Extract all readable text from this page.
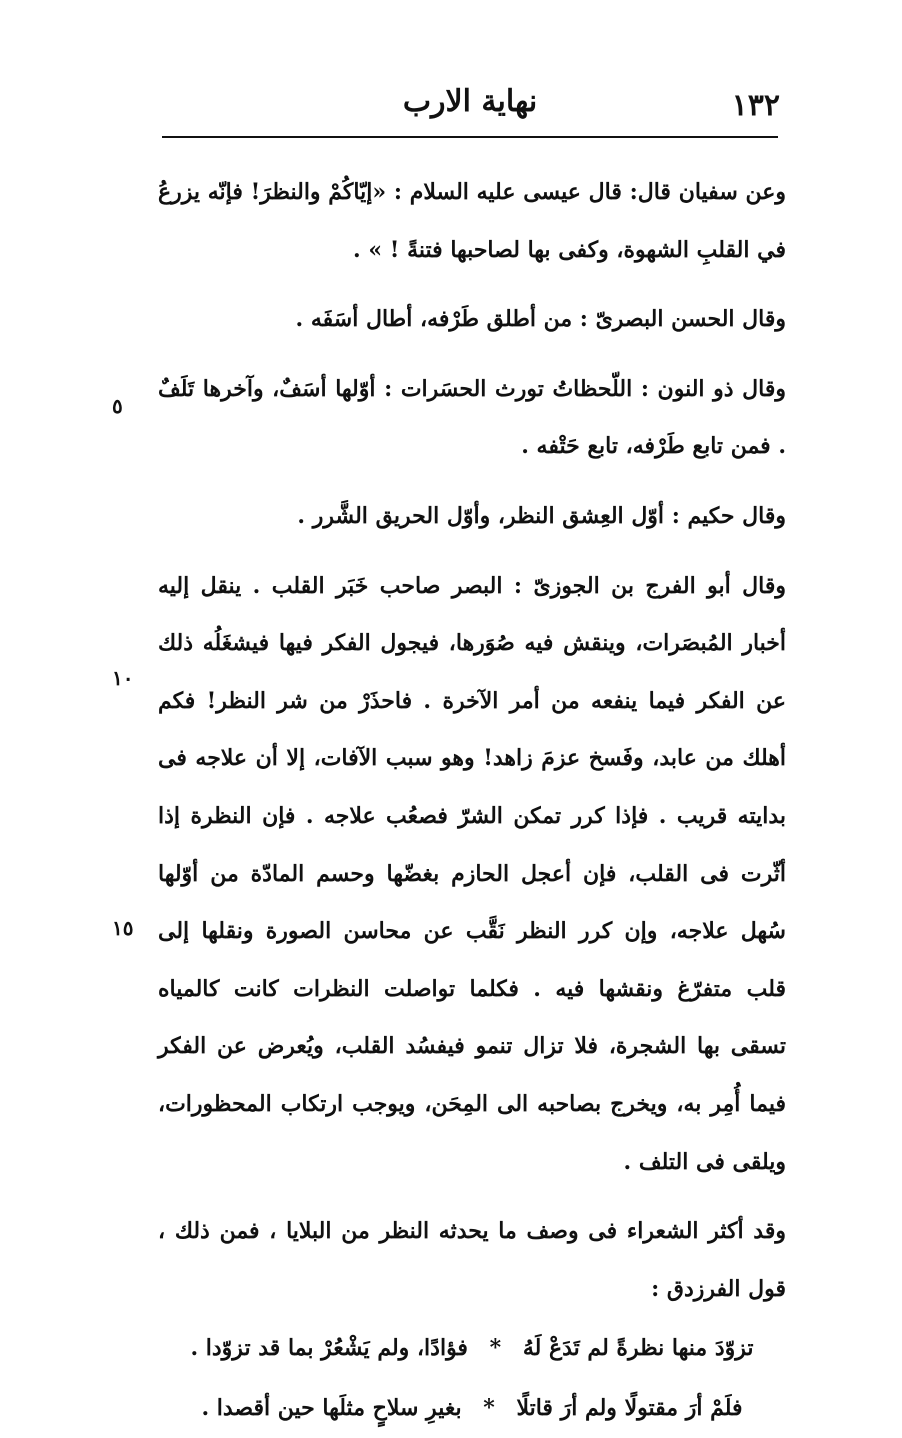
١٣٢
نهاية الارب

وعن سفيان قال: قال عيسى عليه السلام : «إيّاكُمْ والنظرَ! فإنّه يزرعُ في القلبِ الشهوة، وكفى بها لصاحبها فتنةً ! » .

وقال الحسن البصرىّ : من أطلق طَرْفه، أطال أسَفَه .

وقال ذو النون : اللّحظاتُ تورث الحسَرات : أوّلها أسَفٌ، وآخرها تَلَفٌ . فمن تابع طَرْفه، تابع حَتْفه .

وقال حكيم : أوّل العِشق النظر، وأوّل الحريق الشَّرر .

وقال أبو الفرج بن الجوزىّ : البصر صاحب خَبَر القلب . ينقل إليه أخبار المُبصَرات، وينقش فيه صُوَرها، فيجول الفكر فيها فيشغَلُه ذلك عن الفكر فيما ينفعه من أمر الآخرة . فاحذَرْ من شر النظر! فكم أهلك من عابد، وفَسخ عزمَ زاهد! وهو سبب الآفات، إلا أن علاجه فى بدايته قريب . فإذا كرر تمكن الشرّ فصعُب علاجه . فإن النظرة إذا أثّرت فى القلب، فإن أعجل الحازم بغضّها وحسم المادّة من أوّلها سُهل علاجه، وإن كرر النظر نَقَّب عن محاسن الصورة ونقلها إلى قلب متفرّغ ونقشها فيه . فكلما تواصلت النظرات كانت كالمياه تسقى بها الشجرة، فلا تزال تنمو فيفسُد القلب، ويُعرض عن الفكر فيما أُمِر به، ويخرج بصاحبه الى المِحَن، ويوجب ارتكاب المحظورات، ويلقى فى التلف .

وقد أكثر الشعراء فى وصف ما يحدثه النظر من البلايا ، فمن ذلك ، قول الفرزدق :

تزوّدَ منها نظرةً لم تَدَعْ لَهُ * فؤادًا، ولم يَشْعُرْ بما قد تزوّدا .

فلَمْ أرَ مقتولًا ولم أرَ قاتلًا * بغيرِ سلاحٍ مثلَها حين أقصدا .

٥
١٠
١٥
